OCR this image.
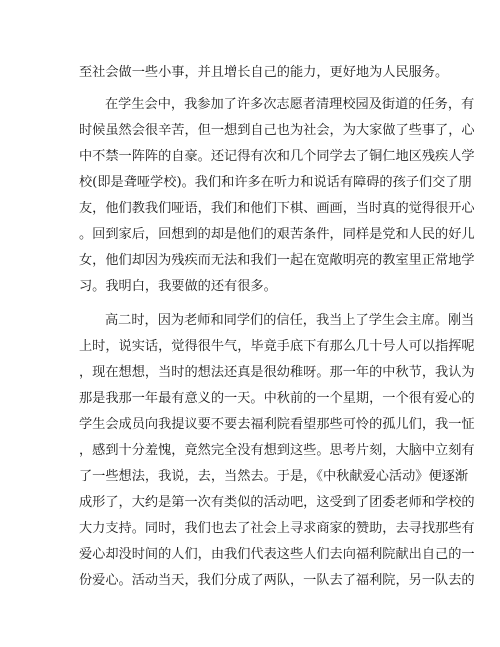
至社会做一些小事，并且增长自己的能力，更好地为人民服务。
在学生会中，我参加了许多次志愿者清理校园及街道的任务，有
时候虽然会很辛苦，但一想到自己也为社会，为大家做了些事了，心
中不禁一阵阵的自豪。还记得有次和几个同学去了铜仁地区残疾人学
校(即是聋哑学校)。我们和许多在听力和说话有障碍的孩子们交了朋
友，他们教我们哑语，我们和他们下棋、画画，当时真的觉得很开心
。回到家后，回想到的却是他们的艰苦条件，同样是党和人民的好儿
女，他们却因为残疾而无法和我们一起在宽敞明亮的教室里正常地学
习。我明白，我要做的还有很多。
高二时，因为老师和同学们的信任，我当上了学生会主席。刚当
上时，说实话，觉得很牛气，毕竟手底下有那么几十号人可以指挥呢
，现在想想，当时的想法还真是很幼稚呀。那一年的中秋节，我认为
那是我那一年最有意义的一天。中秋前的一个星期，一个很有爱心的
学生会成员向我提议要不要去福利院看望那些可怜的孤儿们，我一怔
，感到十分羞愧，竟然完全没有想到这些。思考片刻，大脑中立刻有
了一些想法，我说，去，当然去。于是，《中秋献爱心活动》便逐渐
成形了，大约是第一次有类似的活动吧，这受到了团委老师和学校的
大力支持。同时，我们也去了社会上寻求商家的赞助，去寻找那些有
爱心却没时间的人们，由我们代表这些人们去向福利院献出自己的一
份爱心。活动当天，我们分成了两队，一队去了福利院，另一队去的
